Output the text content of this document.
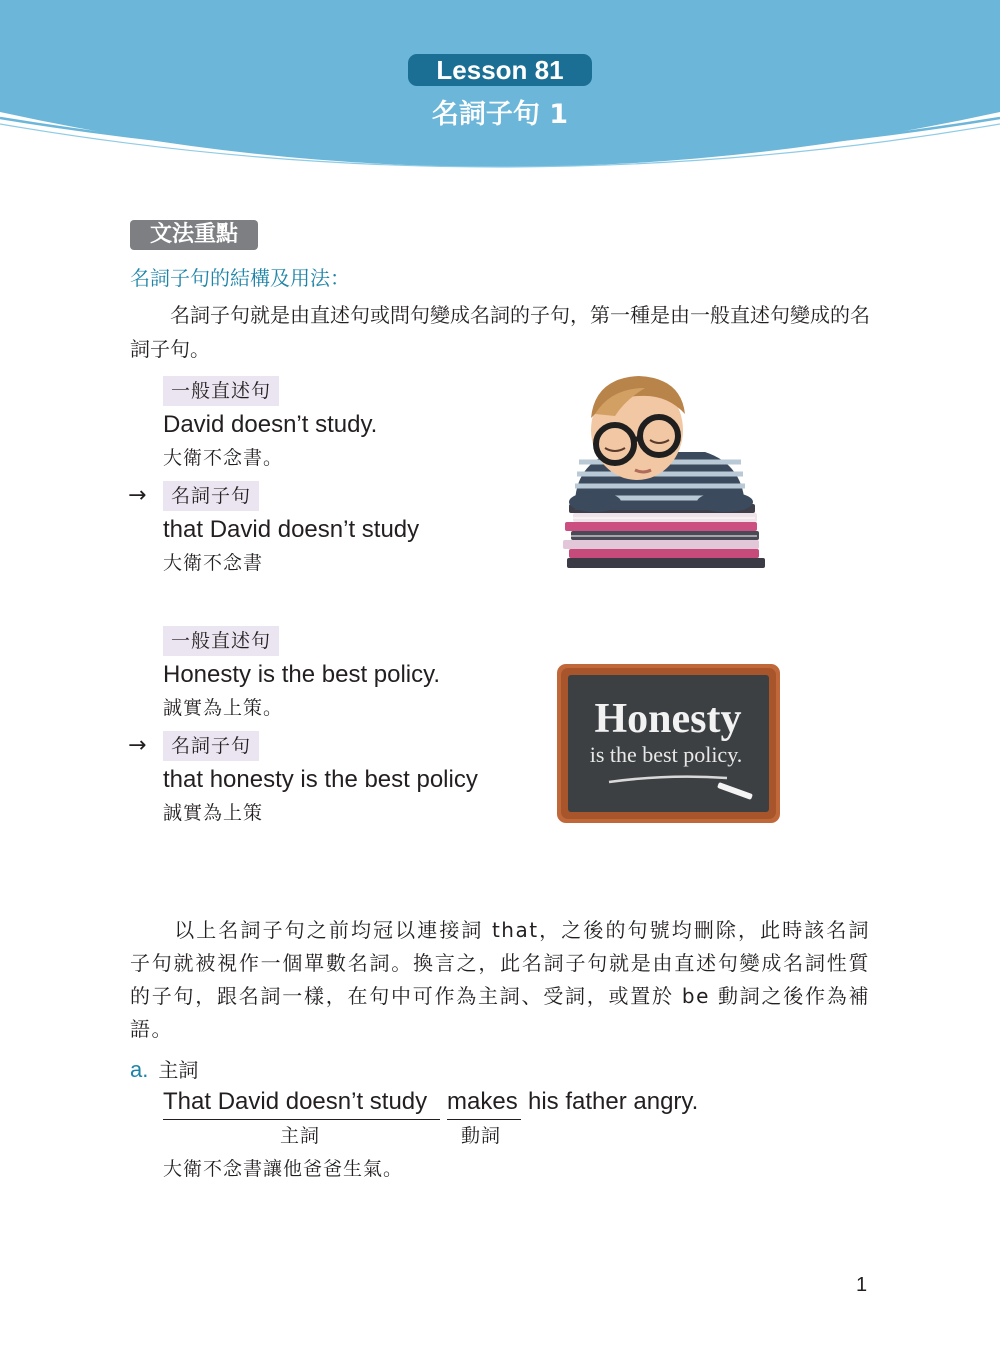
Lesson 81
名詞子句 1
文法重點
名詞子句的結構及用法：
　　名詞子句就是由直述句或問句變成名詞的子句，第一種是由一般直述句變成的名詞子句。
一般直述句
David doesn’t study.
大衛不念書。
→	名詞子句
that David doesn’t study
大衛不念書
一般直述句
Honesty is the best policy.
誠實為上策。
→	名詞子句
that honesty is the best policy
誠實為上策
Honesty
is the best policy.
　　以上名詞子句之前均冠以連接詞 that，之後的句號均刪除，此時該名詞子句就被視作一個單數名詞。換言之，此名詞子句就是由直述句變成名詞性質的子句，跟名詞一樣，在句中可作為主詞、受詞，或置於 be 動詞之後作為補語。
a. 主詞
That David doesn’t study makes his father angry.
主詞	動詞
大衛不念書讓他爸爸生氣。
1
